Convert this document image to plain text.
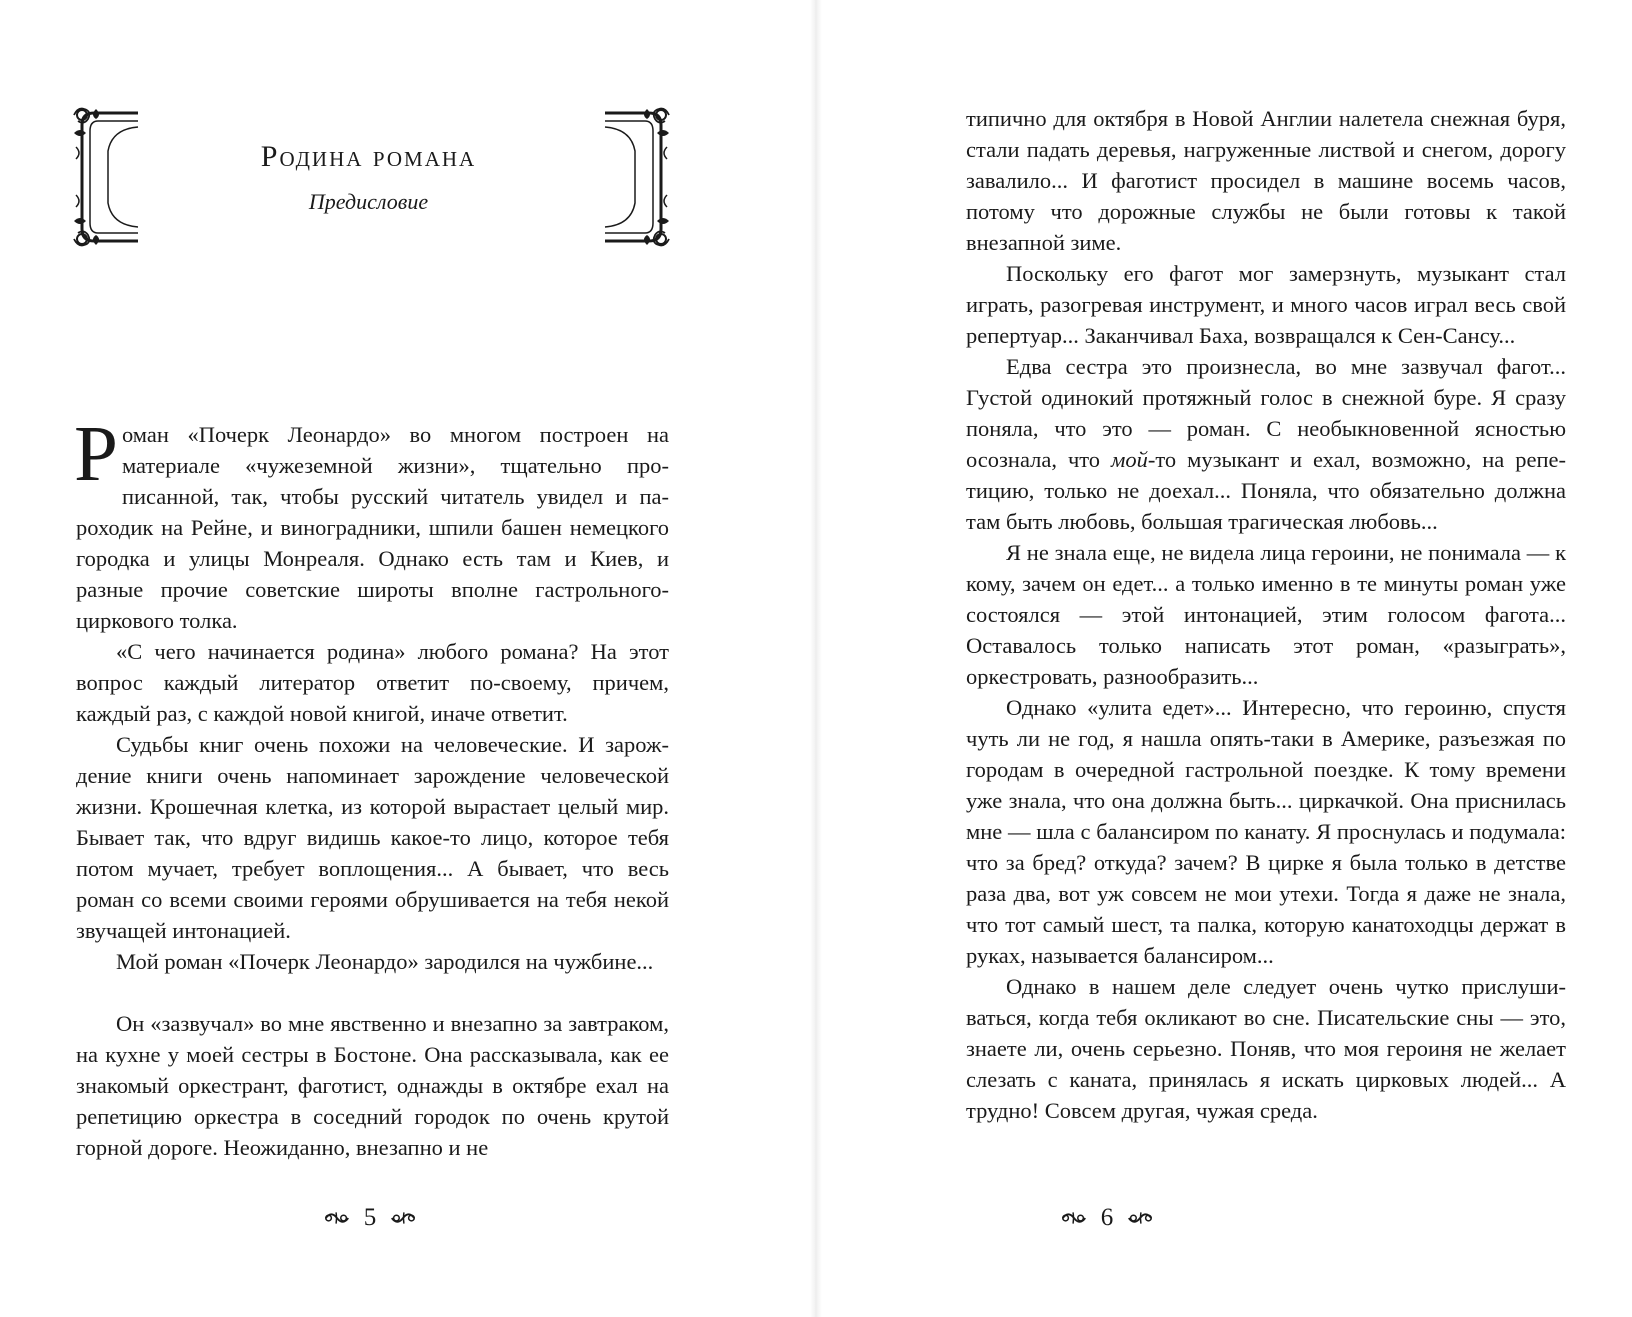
Родина романа
Предисловие

Роман «Почерк Леонардо» во многом построен на материале «чужеземной жизни», тщательно прописанной, так, чтобы русский читатель увидел и пароходик на Рейне, и виноградники, шпили башен немецкого городка и улицы Монреаля. Однако есть там и Киев, и разные прочие советские широты вполне гастрольного-циркового толка.

«С чего начинается родина» любого романа? На этот вопрос каждый литератор ответит по-своему, причем, каждый раз, с каждой новой книгой, иначе ответит.

Судьбы книг очень похожи на человеческие. И зарождение книги очень напоминает зарождение человеческой жизни. Крошечная клетка, из которой вырастает целый мир. Бывает так, что вдруг видишь какое-то лицо, которое тебя потом мучает, требует воплощения... А бывает, что весь роман со всеми своими героями обрушивается на тебя некой звучащей интонацией.

Мой роман «Почерк Леонардо» зародился на чужбине...

Он «зазвучал» во мне явственно и внезапно за завтраком, на кухне у моей сестры в Бостоне. Она рассказывала, как ее знакомый оркестрант, фаготист, однажды в октябре ехал на репетицию оркестра в соседний городок по очень крутой горной дороге. Неожиданно, внезапно и не

5

типично для октября в Новой Англии налетела снежная буря, стали падать деревья, нагруженные листвой и снегом, дорогу завалило... И фаготист просидел в машине восемь часов, потому что дорожные службы не были готовы к такой внезапной зиме.

Поскольку его фагот мог замерзнуть, музыкант стал играть, разогревая инструмент, и много часов играл весь свой репертуар... Заканчивал Баха, возвращался к Сен-Сансу...

Едва сестра это произнесла, во мне зазвучал фагот... Густой одинокий протяжный голос в снежной буре. Я сразу поняла, что это — роман. С необыкновенной ясностью осознала, что мой-то музыкант и ехал, возможно, на репетицию, только не доехал... Поняла, что обязательно должна там быть любовь, большая трагическая любовь...

Я не знала еще, не видела лица героини, не понимала — к кому, зачем он едет... а только именно в те минуты роман уже состоялся — этой интонацией, этим голосом фагота... Оставалось только написать этот роман, «разыграть», оркестровать, разнообразить...

Однако «улита едет»... Интересно, что героиню, спустя чуть ли не год, я нашла опять-таки в Америке, разъезжая по городам в очередной гастрольной поездке. К тому времени уже знала, что она должна быть... циркачкой. Она приснилась мне — шла с балансиром по канату. Я проснулась и подумала: что за бред? откуда? зачем? В цирке я была только в детстве раза два, вот уж совсем не мои утехи. Тогда я даже не знала, что тот самый шест, та палка, которую канатоходцы держат в руках, называется балансиром...

Однако в нашем деле следует очень чутко прислушиваться, когда тебя окликают во сне. Писательские сны — это, знаете ли, очень серьезно. Поняв, что моя героиня не желает слезать с каната, принялась я искать цирковых людей... А трудно! Совсем другая, чужая среда.

6
